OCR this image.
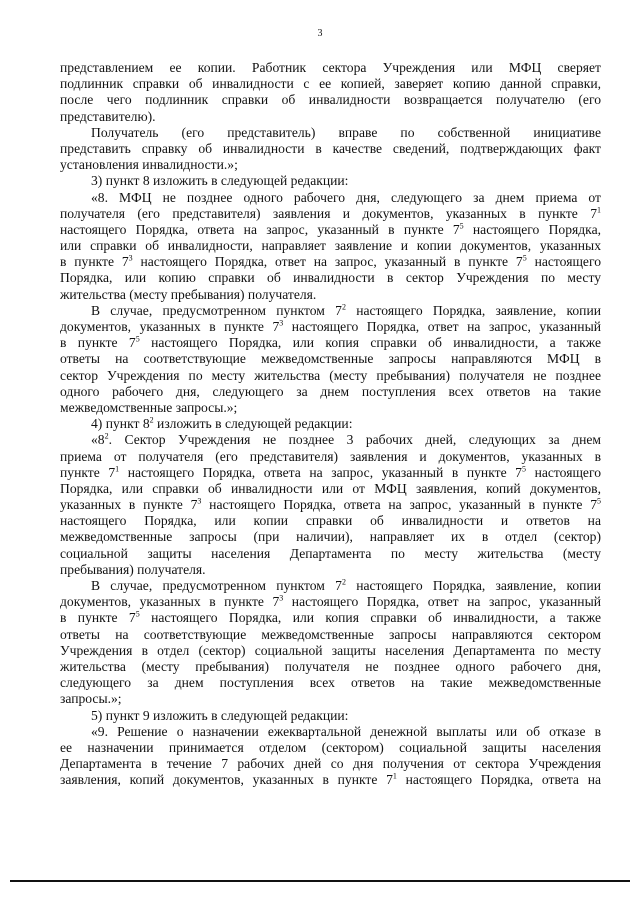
3
представлением ее копии. Работник сектора Учреждения или МФЦ сверяет
подлинник справки об инвалидности с ее копией, заверяет копию данной справки,
после чего подлинник справки об инвалидности возвращается получателю (его
представителю).
Получатель (его представитель) вправе по собственной инициативе
представить справку об инвалидности в качестве сведений, подтверждающих факт
установления инвалидности.»;
3) пункт 8 изложить в следующей редакции:
«8. МФЦ не позднее одного рабочего дня, следующего за днем приема от
получателя (его представителя) заявления и документов, указанных в пункте $7^1$
настоящего Порядка, ответа на запрос, указанный в пункте $7^5$ настоящего Порядка,
или справки об инвалидности, направляет заявление и копии документов, указанных
в пункте $7^3$ настоящего Порядка, ответ на запрос, указанный в пункте $7^5$ настоящего
Порядка, или копию справки об инвалидности в сектор Учреждения по месту
жительства (месту пребывания) получателя.
В случае, предусмотренном пунктом $7^2$ настоящего Порядка, заявление, копии
документов, указанных в пункте $7^3$ настоящего Порядка, ответ на запрос, указанный
в пункте $7^5$ настоящего Порядка, или копия справки об инвалидности, а также
ответы на соответствующие межведомственные запросы направляются МФЦ в
сектор Учреждения по месту жительства (месту пребывания) получателя не позднее
одного рабочего дня, следующего за днем поступления всех ответов на такие
межведомственные запросы.»;
4) пункт $8^2$ изложить в следующей редакции:
«$8^2$. Сектор Учреждения не позднее 3 рабочих дней, следующих за днем
приема от получателя (его представителя) заявления и документов, указанных в
пункте $7^1$ настоящего Порядка, ответа на запрос, указанный в пункте $7^5$ настоящего
Порядка, или справки об инвалидности или от МФЦ заявления, копий документов,
указанных в пункте $7^3$ настоящего Порядка, ответа на запрос, указанный в пункте $7^5$
настоящего Порядка, или копии справки об инвалидности и ответов на
межведомственные запросы (при наличии), направляет их в отдел (сектор)
социальной защиты населения Департамента по месту жительства (месту
пребывания) получателя.
В случае, предусмотренном пунктом $7^2$ настоящего Порядка, заявление, копии
документов, указанных в пункте $7^3$ настоящего Порядка, ответ на запрос, указанный
в пункте $7^5$ настоящего Порядка, или копия справки об инвалидности, а также
ответы на соответствующие межведомственные запросы направляются сектором
Учреждения в отдел (сектор) социальной защиты населения Департамента по месту
жительства (месту пребывания) получателя не позднее одного рабочего дня,
следующего за днем поступления всех ответов на такие межведомственные
запросы.»;
5) пункт 9 изложить в следующей редакции:
«9. Решение о назначении ежеквартальной денежной выплаты или об отказе в
ее назначении принимается отделом (сектором) социальной защиты населения
Департамента в течение 7 рабочих дней со дня получения от сектора Учреждения
заявления, копий документов, указанных в пункте $7^1$ настоящего Порядка, ответа на
